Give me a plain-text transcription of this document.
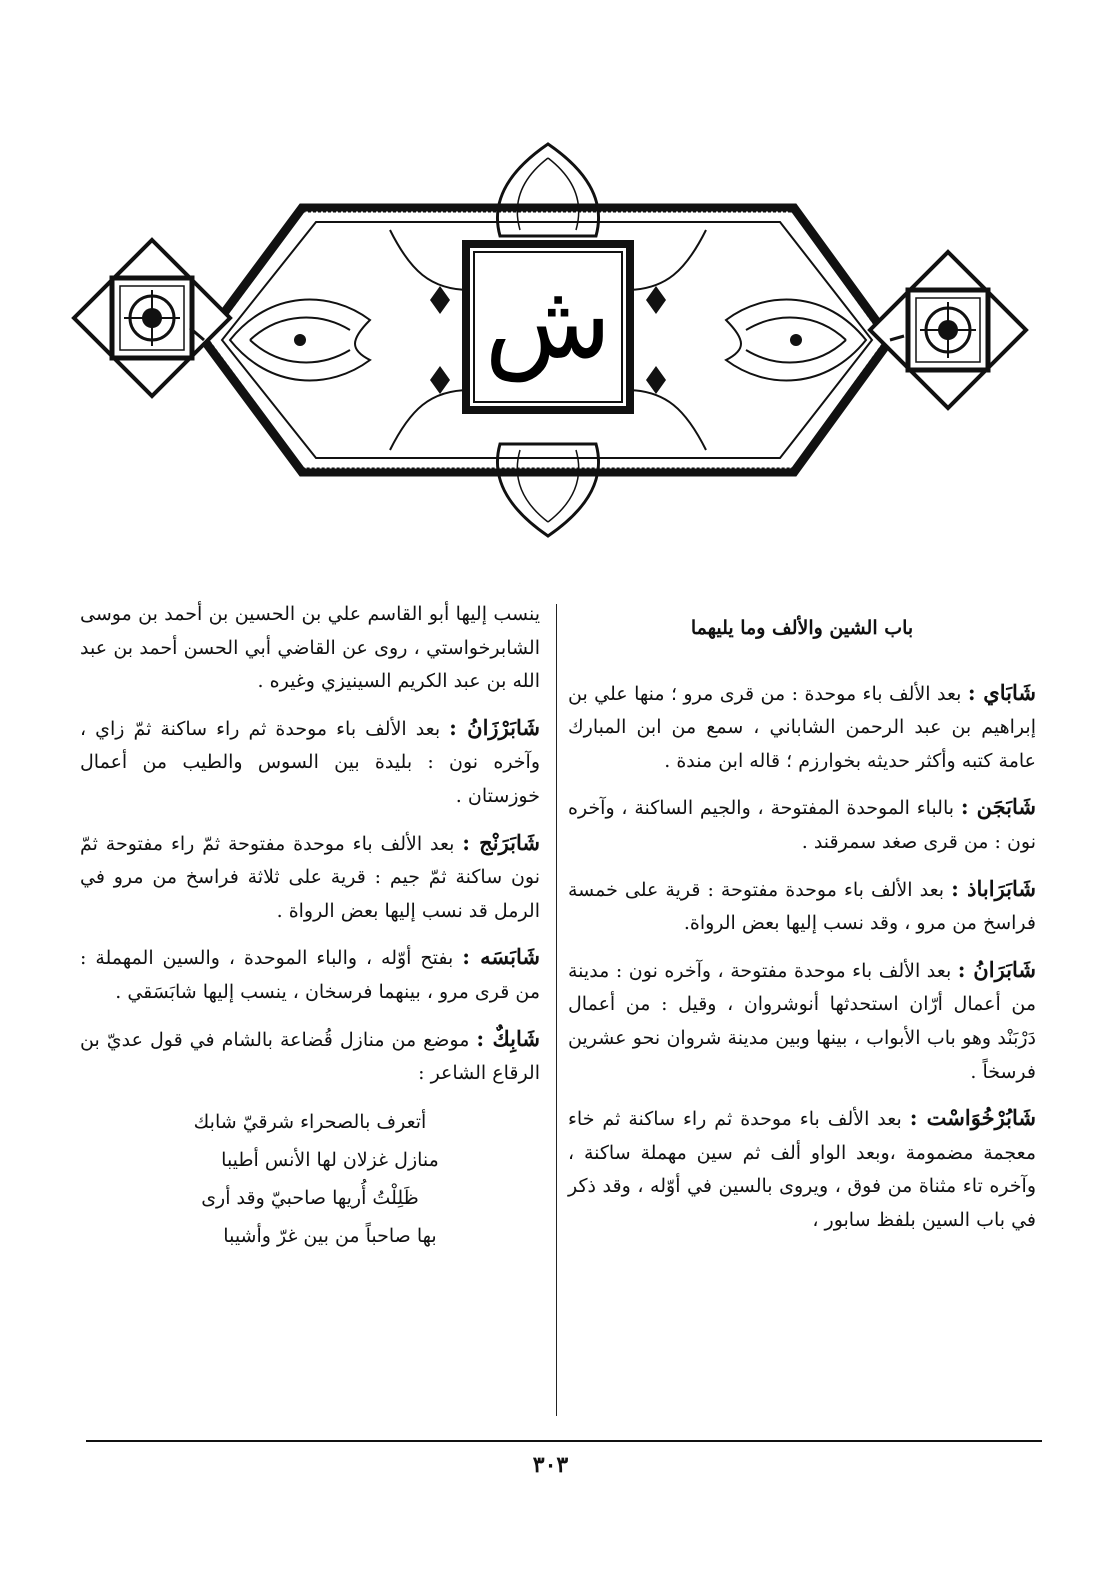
ش
باب الشين والألف وما يليهما
شَابَاي : بعد الألف باء موحدة : من قرى مرو ؛ منها علي بن إبراهيم بن عبد الرحمن الشاباني ، سمع من ابن المبارك عامة كتبه وأكثر حديثه بخوارزم ؛ قاله ابن مندة .
شَابَجَن : بالباء الموحدة المفتوحة ، والجيم الساكنة ، وآخره نون : من قرى صغد سمرقند .
شَابَرَاباذ : بعد الألف باء موحدة مفتوحة : قرية على خمسة فراسخ من مرو ، وقد نسب إليها بعض الرواة.
شَابَرَانُ : بعد الألف باء موحدة مفتوحة ، وآخره نون : مدينة من أعمال أرّان استحدثها أنوشروان ، وقيل : من أعمال دَرْبَنْد وهو باب الأبواب ، بينها وبين مدينة شروان نحو عشرين فرسخاً .
شَابُرْخُوَاسْت : بعد الألف باء موحدة ثم راء ساكنة ثم خاء معجمة مضمومة ،وبعد الواو ألف ثم سين مهملة ساكنة ، وآخره تاء مثناة من فوق ، ويروى بالسين في أوّله ، وقد ذكر في باب السين بلفظ سابور ،
ينسب إليها أبو القاسم علي بن الحسين بن أحمد بن موسى الشابرخواستي ، روى عن القاضي أبي الحسن أحمد بن عبد الله بن عبد الكريم السينيزي وغيره .
شَابَرْزَانُ : بعد الألف باء موحدة ثم راء ساكنة ثمّ زاي ، وآخره نون : بليدة بين السوس والطيب من أعمال خوزستان .
شَابَرَنْج : بعد الألف باء موحدة مفتوحة ثمّ راء مفتوحة ثمّ نون ساكنة ثمّ جيم : قرية على ثلاثة فراسخ من مرو في الرمل قد نسب إليها بعض الرواة .
شَابَسَه : بفتح أوّله ، والباء الموحدة ، والسين المهملة : من قرى مرو ، بينهما فرسخان ، ينسب إليها شابَسَقي .
شَابِكٌ : موضع من منازل قُضاعة بالشام في قول عديّ بن الرقاع الشاعر :
أتعرف بالصحراء شرقيّ شابك
منازل غزلان لها الأنس أطيبا
ظَلِلْتُ أُريها صاحبيّ وقد أرى
بها صاحباً من بين غرّ وأشيبا
٣٠٣
